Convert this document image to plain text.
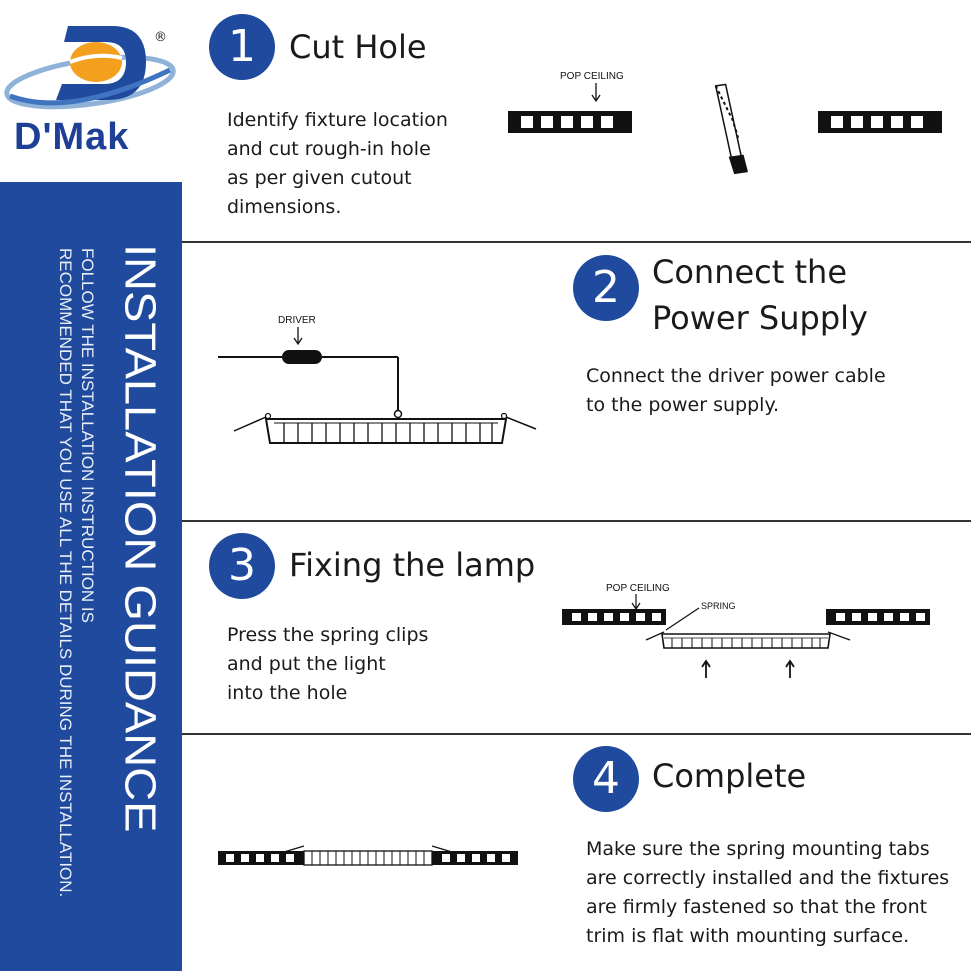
®
D'Mak
INSTALLATION GUIDANCE
FOLLOW THE INSTALLATION INSTRUCTION IS
RECOMMENDED THAT YOU USE ALL THE DETAILS DURING THE INSTALLATION.
1	Cut Hole
Identify fixture location
and cut rough-in hole
as per given cutout
dimensions.
POP CEILING
2	Connect the
Power Supply
Connect the driver power cable
to the power supply.
DRIVER
3	Fixing the lamp
Press the spring clips
and put the light
into the hole
POP CEILING
SPRING
4	Complete
Make sure the spring mounting tabs
are correctly installed and the fixtures
are firmly fastened so that the front
trim is flat with mounting surface.
